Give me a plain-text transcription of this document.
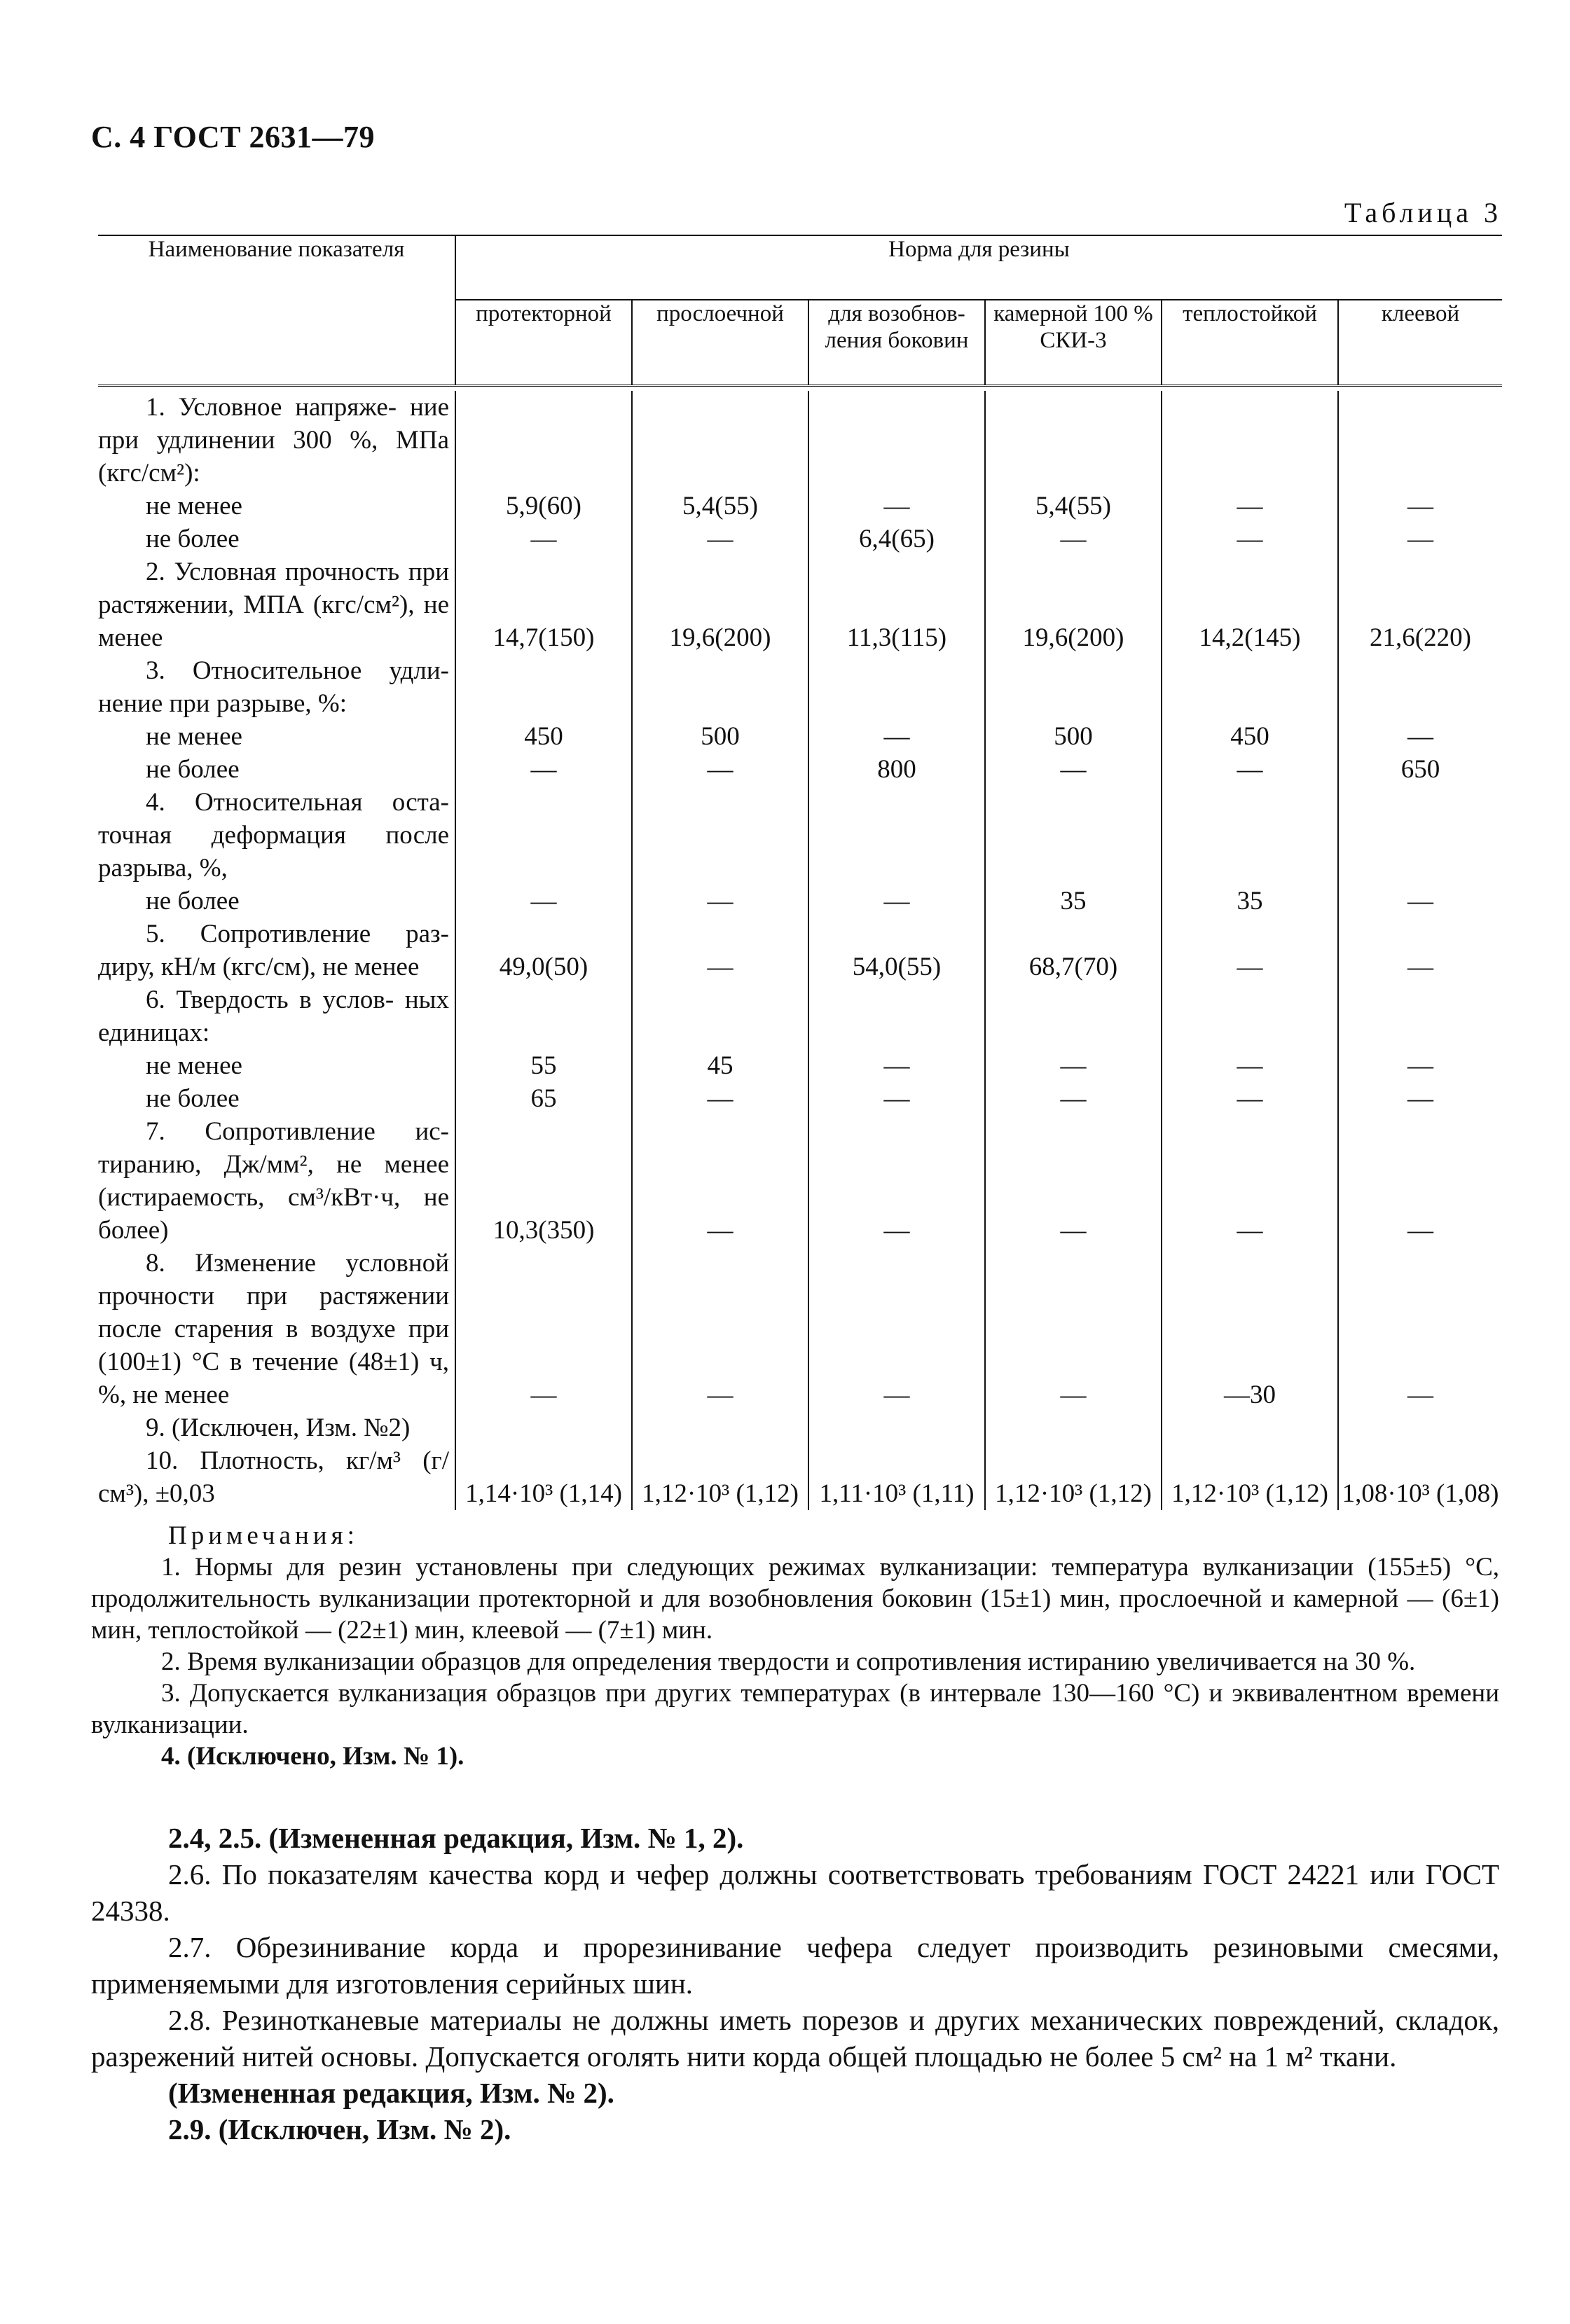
С. 4 ГОСТ 2631—79
Таблица 3
Наименование показателя	Норма для резины					
	протекторной	прослоечной	для возобнов- ления боковин	камерной 100 % СКИ-3	теплостойкой	клеевой

1. Условное напряже- ние при удлинении 300 %, МПа (кгс/см²):						

не менее	5,9(60)	5,4(55)	—	5,4(55)	—	—

не более	—	—	6,4(65)	—	—	—

2. Условная прочность при растяжении, МПА (кгс/см²), не менее	14,7(150)	19,6(200)	11,3(115)	19,6(200)	14,2(145)	21,6(220)

3. Относительное удли- нение при разрыве, %:						

не менее	450	500	—	500	450	—

не более	—	—	800	—	—	650

4. Относительная оста- точная деформация после разрыва, %,						

не более	—	—	—	35	35	—

5. Сопротивление раз- диру, кН/м (кгс/см), не менее	49,0(50)	—	54,0(55)	68,7(70)	—	—

6. Твердость в услов- ных единицах:						

не менее	55	45	—	—	—	—

не более	65	—	—	—	—	—

7. Сопротивление ис- тиранию, Дж/мм², не менее (истираемость, см³/кВт·ч, не более)	10,3(350)	—	—	—	—	—

8. Изменение условной прочности при растяжении после старения в воздухе при (100±1) °С в течение (48±1) ч, %, не менее	—	—	—	—	—30	—

9. (Исключен, Изм. №2)						

10. Плотность, кг/м³ (г/см³), ±0,03	1,14·10³ (1,14)	1,12·10³ (1,12)	1,11·10³ (1,11)	1,12·10³ (1,12)	1,12·10³ (1,12)	1,08·10³ (1,08)
Примечания:

1. Нормы для резин установлены при следующих режимах вулканизации: температура вулканизации (155±5) °С, продолжительность вулканизации протекторной и для возобновления боковин (15±1) мин, прослоечной и камерной — (6±1) мин, теплостойкой — (22±1) мин, клеевой — (7±1) мин.

2. Время вулканизации образцов для определения твердости и сопротивления истиранию увеличивается на 30 %.

3. Допускается вулканизация образцов при других температурах (в интервале 130—160 °С) и эквивалентном времени вулканизации.

4. (Исключено, Изм. № 1).

2.4, 2.5. (Измененная редакция, Изм. № 1, 2).

2.6. По показателям качества корд и чефер должны соответствовать требованиям ГОСТ 24221 или ГОСТ 24338.

2.7. Обрезинивание корда и прорезинивание чефера следует производить резиновыми смесями, применяемыми для изготовления серийных шин.

2.8. Резинотканевые материалы не должны иметь порезов и других механических повреждений, складок, разрежений нитей основы. Допускается оголять нити корда общей площадью не более 5 см² на 1 м² ткани.

(Измененная редакция, Изм. № 2).

2.9. (Исключен, Изм. № 2).
